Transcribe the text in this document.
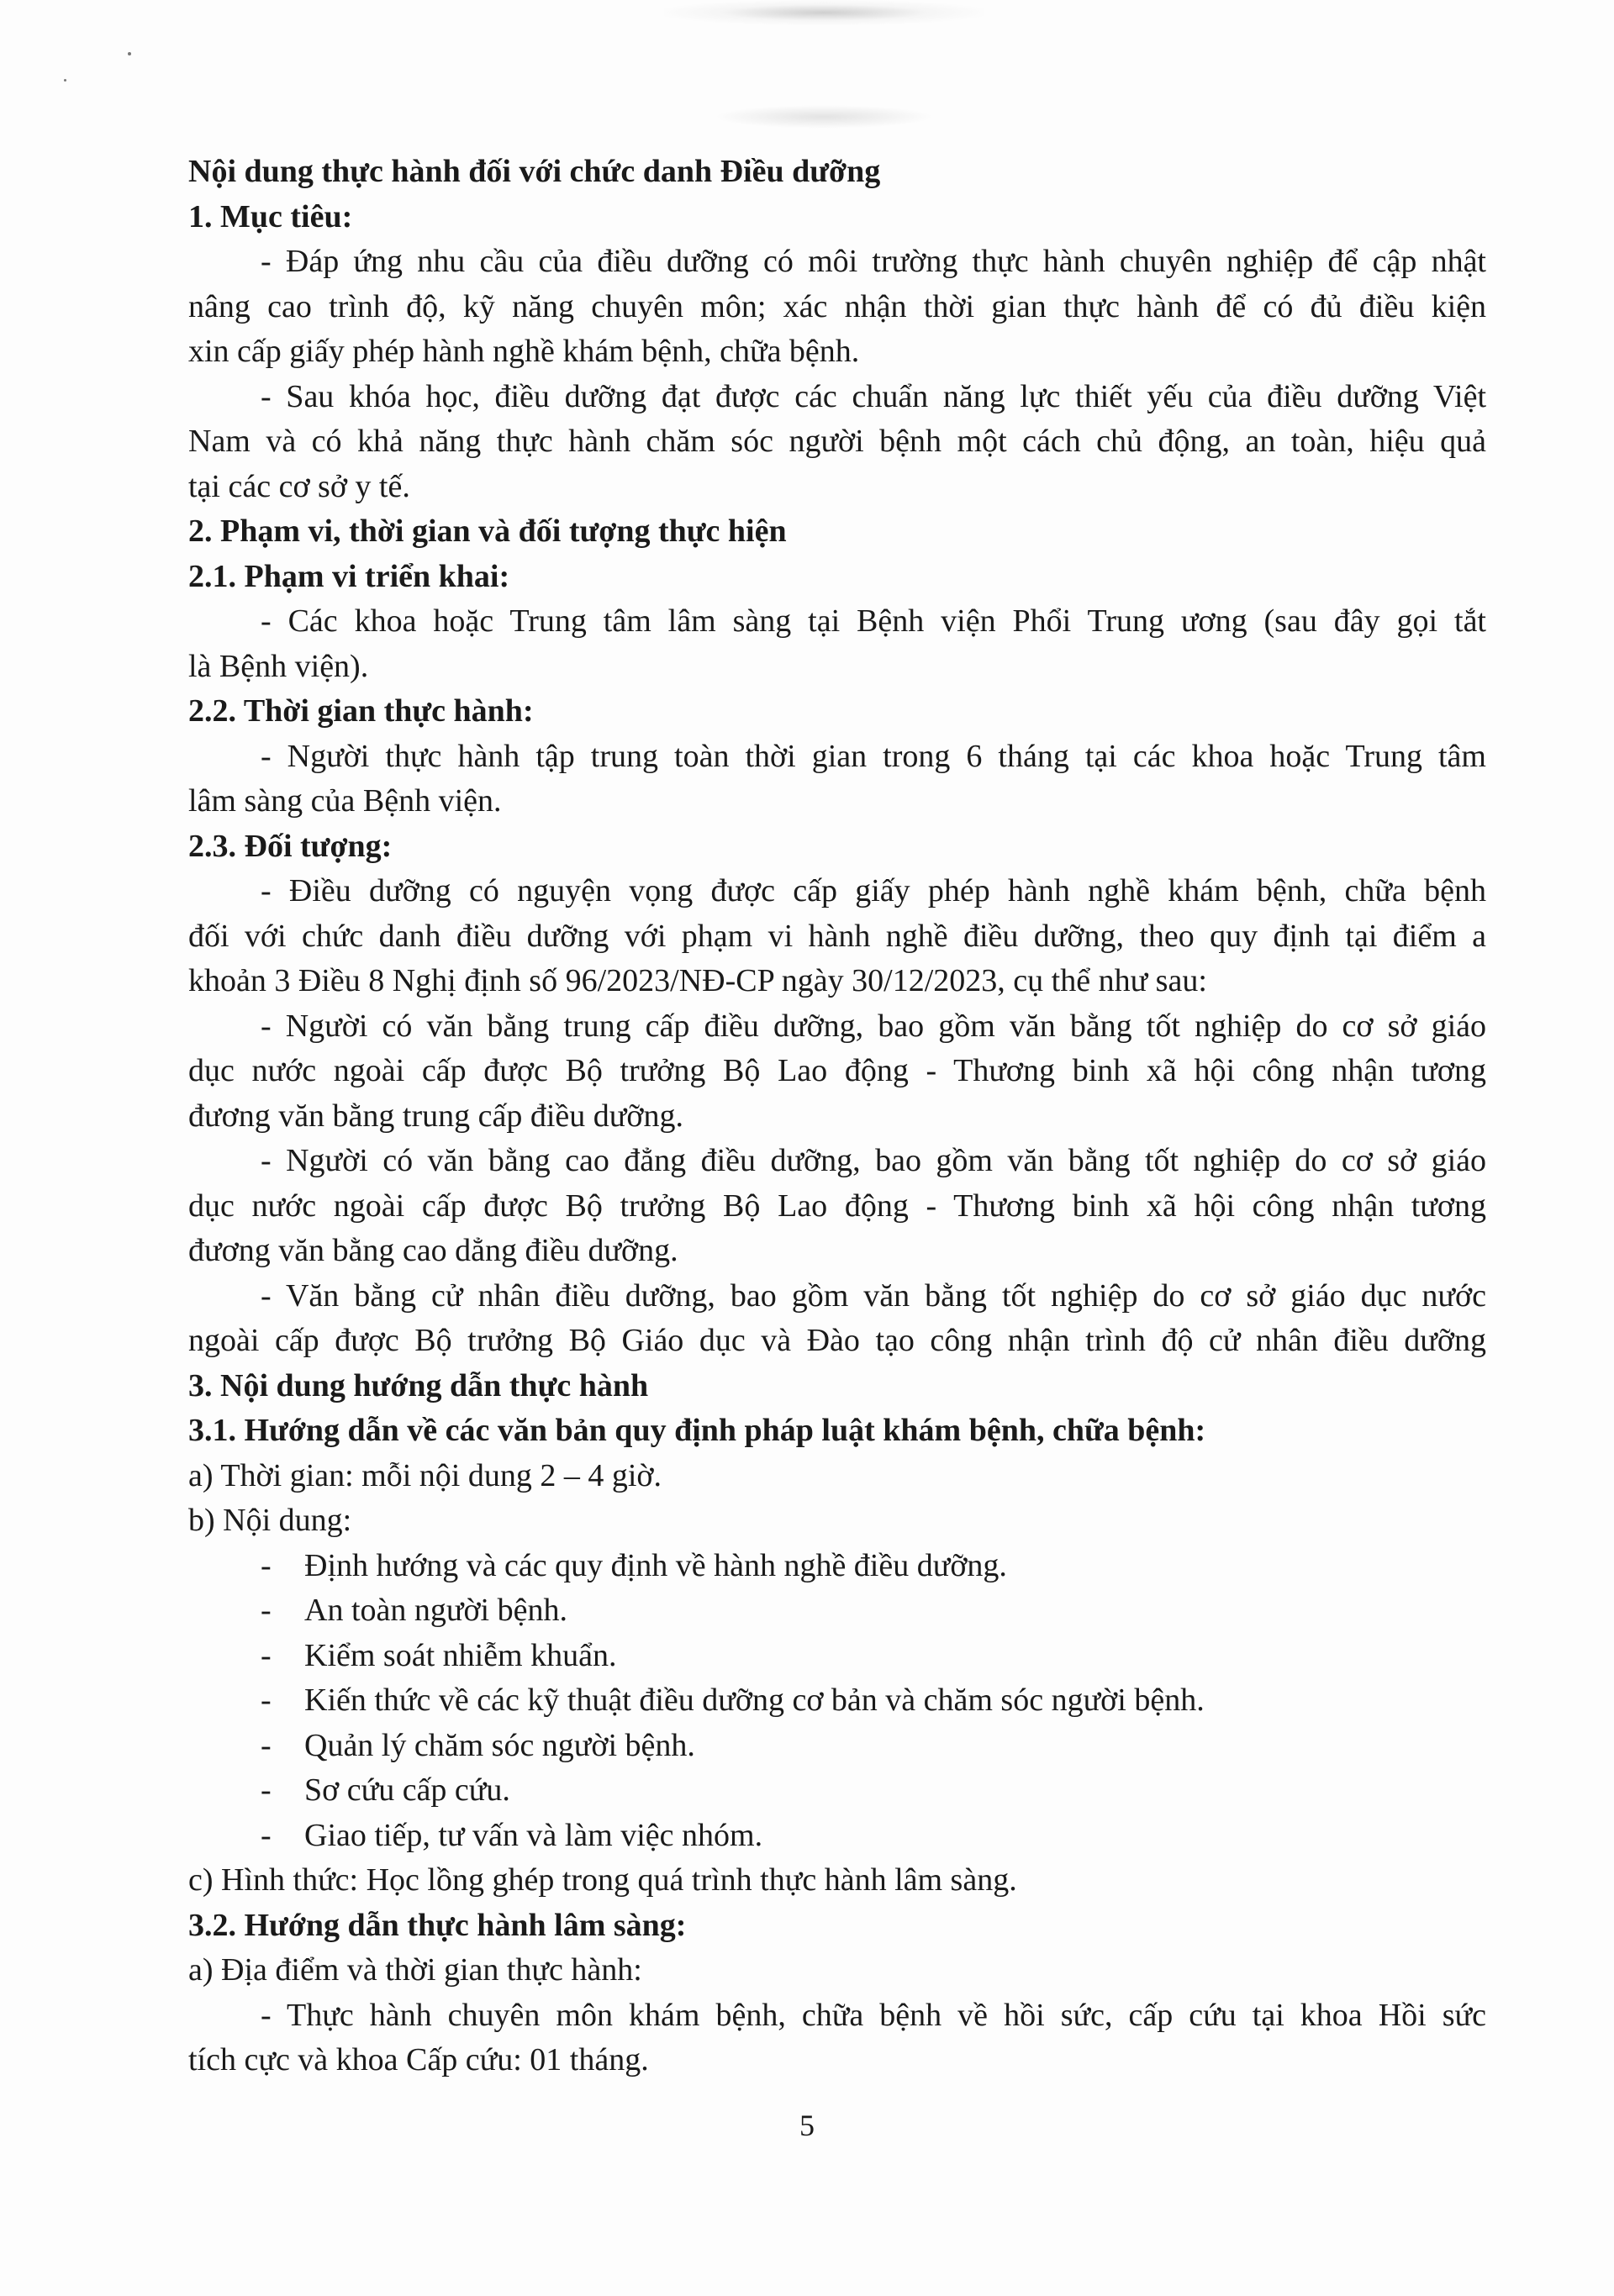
Nội dung thực hành đối với chức danh Điều dưỡng
1. Mục tiêu:
- Đáp ứng nhu cầu của điều dưỡng có môi trường thực hành chuyên nghiệp để cập nhật
nâng cao trình độ, kỹ năng chuyên môn; xác nhận thời gian thực hành để có đủ điều kiện
xin cấp giấy phép hành nghề khám bệnh, chữa bệnh.
- Sau khóa học, điều dưỡng đạt được các chuẩn năng lực thiết yếu của điều dưỡng Việt
Nam và có khả năng thực hành chăm sóc người bệnh một cách chủ động, an toàn, hiệu quả
tại các cơ sở y tế.
2. Phạm vi, thời gian và đối tượng thực hiện
2.1. Phạm vi triển khai:
- Các khoa hoặc Trung tâm lâm sàng tại Bệnh viện Phổi Trung ương (sau đây gọi tắt
là Bệnh viện).
2.2. Thời gian thực hành:
- Người thực hành tập trung toàn thời gian trong 6 tháng tại các khoa hoặc Trung tâm
lâm sàng của Bệnh viện.
2.3. Đối tượng:
- Điều dưỡng có nguyện vọng được cấp giấy phép hành nghề khám bệnh, chữa bệnh
đối với chức danh điều dưỡng với phạm vi hành nghề điều dưỡng, theo quy định tại điểm a
khoản 3 Điều 8 Nghị định số 96/2023/NĐ-CP ngày 30/12/2023, cụ thể như sau:
- Người có văn bằng trung cấp điều dưỡng, bao gồm văn bằng tốt nghiệp do cơ sở giáo
dục nước ngoài cấp được Bộ trưởng Bộ Lao động - Thương binh xã hội công nhận tương
đương văn bằng trung cấp điều dưỡng.
- Người có văn bằng cao đẳng điều dưỡng, bao gồm văn bằng tốt nghiệp do cơ sở giáo
dục nước ngoài cấp được Bộ trưởng Bộ Lao động - Thương binh xã hội công nhận tương
đương văn bằng cao dẳng điều dưỡng.
- Văn bằng cử nhân điều dưỡng, bao gồm văn bằng tốt nghiệp do cơ sở giáo dục nước
ngoài cấp được Bộ trưởng Bộ Giáo dục và Đào tạo công nhận trình độ cử nhân điều dưỡng
3. Nội dung hướng dẫn thực hành
3.1. Hướng dẫn về các văn bản quy định pháp luật khám bệnh, chữa bệnh:
a) Thời gian: mỗi nội dung 2 – 4 giờ.
b) Nội dung:
-	Định hướng và các quy định về hành nghề điều dưỡng.
-	An toàn người bệnh.
-	Kiểm soát nhiễm khuẩn.
-	Kiến thức về các kỹ thuật điều dưỡng cơ bản và chăm sóc người bệnh.
-	Quản lý chăm sóc người bệnh.
-	Sơ cứu cấp cứu.
-	Giao tiếp, tư vấn và làm việc nhóm.
c) Hình thức: Học lồng ghép trong quá trình thực hành lâm sàng.
3.2. Hướng dẫn thực hành lâm sàng:
a) Địa điểm và thời gian thực hành:
- Thực hành chuyên môn khám bệnh, chữa bệnh về hồi sức, cấp cứu tại khoa Hồi sức
tích cực và khoa Cấp cứu: 01 tháng.
5
